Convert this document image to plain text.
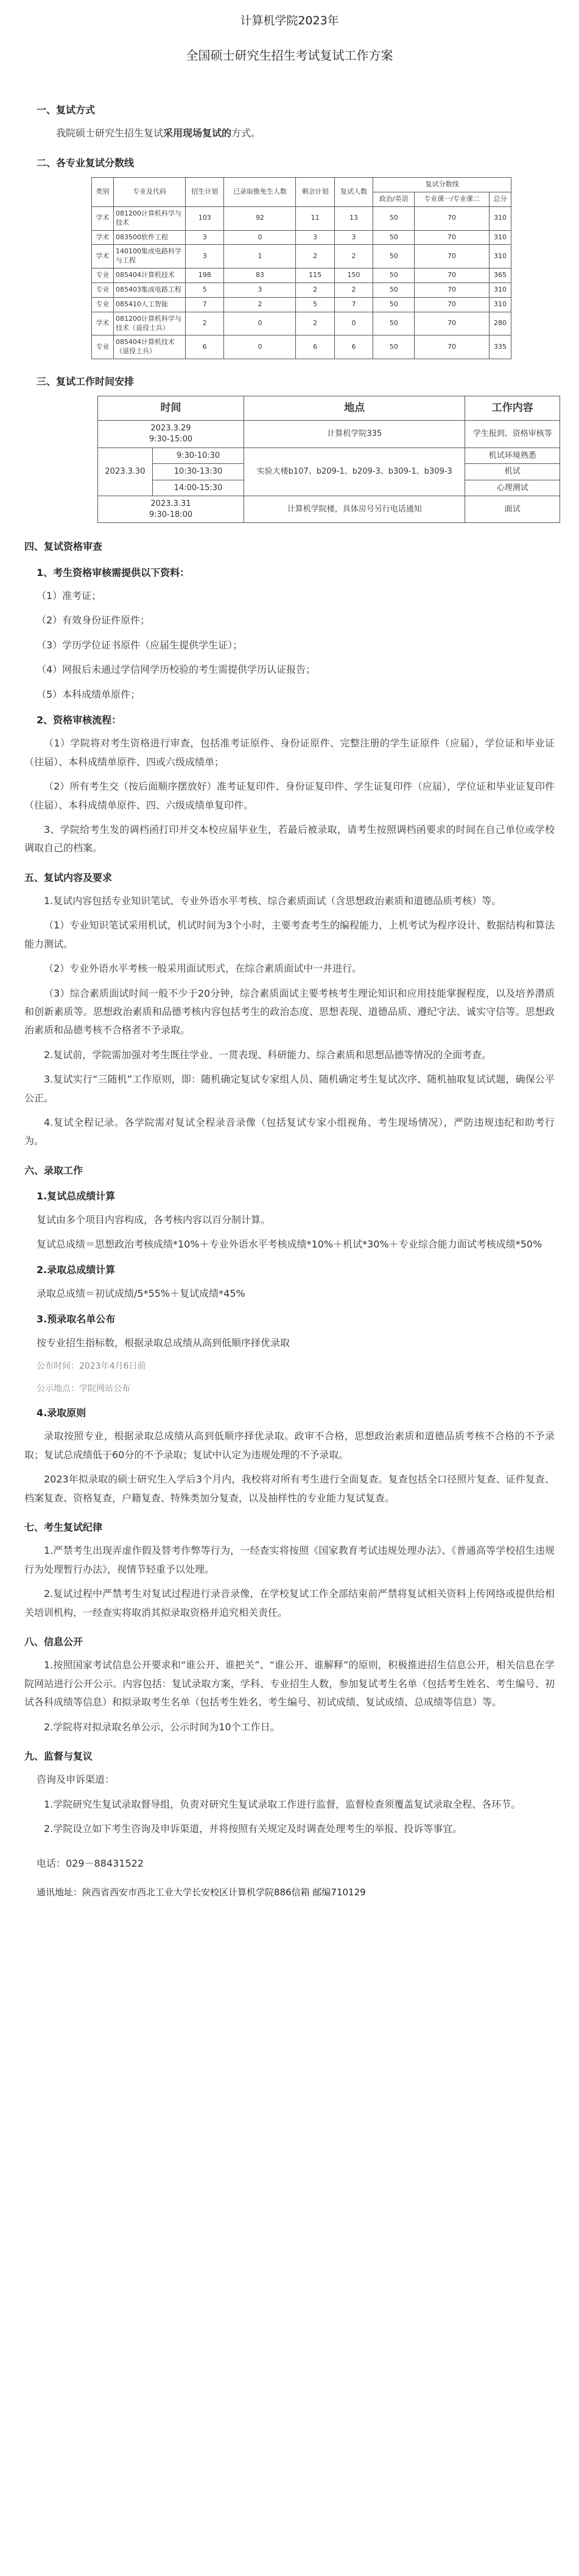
计算机学院2023年
全国硕士研究生招生考试复试工作方案
一、复试方式

我院硕士研究生招生复试采用现场复试的方式。

二、各专业复试分数线
类别	专业及代码	招生计划	已录取推免生人数	剩余计划	复试人数	复试分数线		
						政治/英语	专业课一/专业课二	总分
学术	081200计算机科学与技术	103	92	11	13	50	70	310
学术	083500软件工程	3	0	3	3	50	70	310
学术	140100集成电路科学与工程	3	1	2	2	50	70	310
专业	085404计算机技术	198	83	115	150	50	70	365
专业	085403集成电路工程	5	3	2	2	50	70	310
专业	085410人工智能	7	2	5	7	50	70	310
学术	081200计算机科学与技术（退役士兵）	2	0	2	0	50	70	280
专业	085404计算机技术（退役士兵）	6	0	6	6	50	70	335
三、复试工作时间安排
时间		地点	工作内容
2023.3.29
9:30-15:00		计算机学院335	学生报到、资格审核等
2023.3.30	9:30-10:30	实验大楼b107、b209-1、b209-3、b309-1、b309-3	机试环境熟悉
	10:30-13:30		机试
	14:00-15:30		心理测试
2023.3.31
9:30-18:00		计算机学院楼，具体房号另行电话通知	面试
四、复试资格审查
1、考生资格审核需提供以下资料：

（1）准考证；

（2）有效身份证件原件；

（3）学历学位证书原件（应届生提供学生证）；

（4）网报后未通过学信网学历校验的考生需提供学历认证报告；

（5）本科成绩单原件；

2、资格审核流程：

（1）学院将对考生资格进行审查，包括准考证原件、身份证原件、完整注册的学生证原件（应届），学位证和毕业证（往届）、本科成绩单原件、四或六级成绩单；

（2）所有考生交（按后面顺序摆放好）准考证复印件、身份证复印件、学生证复印件（应届），学位证和毕业证复印件（往届）、本科成绩单原件、四、六级成绩单复印件。

3、学院给考生发的调档函打印并交本校应届毕业生，若最后被录取，请考生按照调档函要求的时间在自己单位或学校调取自己的档案。

五、复试内容及要求

1.复试内容包括专业知识笔试、专业外语水平考核、综合素质面试（含思想政治素质和道德品质考核）等。

（1）专业知识笔试采用机试，机试时间为3个小时，主要考查考生的编程能力，上机考试为程序设计、数据结构和算法能力测试。

（2）专业外语水平考核一般采用面试形式，在综合素质面试中一并进行。

（3）综合素质面试时间一般不少于20分钟，综合素质面试主要考核考生理论知识和应用技能掌握程度，以及培养潜质和创新素质等。思想政治素质和品德考核内容包括考生的政治态度、思想表现、道德品质、遵纪守法、诚实守信等。思想政治素质和品德考核不合格者不予录取。

2.复试前，学院需加强对考生既往学业、一贯表现、科研能力、综合素质和思想品德等情况的全面考查。

3.复试实行“三随机”工作原则，即：随机确定复试专家组人员、随机确定考生复试次序、随机抽取复试试题，确保公平公正。

4.复试全程记录。各学院需对复试全程录音录像（包括复试专家小组视角、考生现场情况），严防违规违纪和助考行为。

六、录取工作
1.复试总成绩计算

复试由多个项目内容构成，各考核内容以百分制计算。

复试总成绩＝思想政治考核成绩*10%＋专业外语水平考核成绩*10%＋机试*30%＋专业综合能力面试考核成绩*50%

2.录取总成绩计算

录取总成绩＝初试成绩/5*55%＋复试成绩*45%

3.预录取名单公布

按专业招生指标数，根据录取总成绩从高到低顺序择优录取

公布时间：2023年4月6日前

公示地点：学院网站公布

4.录取原则

录取按照专业，根据录取总成绩从高到低顺序择优录取。政审不合格，思想政治素质和道德品质考核不合格的不予录取；复试总成绩低于60分的不予录取；复试中认定为违规处理的不予录取。

2023年拟录取的硕士研究生入学后3个月内，我校将对所有考生进行全面复查。复查包括全口径照片复查、证件复查、档案复查、资格复查，户籍复查、特殊类加分复查，以及抽样性的专业能力复试复查。

七、考生复试纪律

1.严禁考生出现弄虚作假及替考作弊等行为，一经查实将按照《国家教育考试违规处理办法》、《普通高等学校招生违规行为处理暂行办法》，视情节轻重予以处理。

2.复试过程中严禁考生对复试过程进行录音录像，在学校复试工作全部结束前严禁将复试相关资料上传网络或提供给相关培训机构，一经查实将取消其拟录取资格并追究相关责任。

八、信息公开

1.按照国家考试信息公开要求和“谁公开、谁把关”、“谁公开、谁解释”的原则，积极推进招生信息公开，相关信息在学院网站进行公开公示。内容包括：复试录取方案，学科、专业招生人数，参加复试考生名单（包括考生姓名、考生编号、初试各科成绩等信息）和拟录取考生名单（包括考生姓名、考生编号、初试成绩、复试成绩、总成绩等信息）等。

2.学院将对拟录取名单公示，公示时间为10个工作日。

九、监督与复议

咨询及申诉渠道：

1.学院研究生复试录取督导组，负责对研究生复试录取工作进行监督，监督检查须覆盖复试录取全程、各环节。

2.学院设立如下考生咨询及申诉渠道，并将按照有关规定及时调查处理考生的举报、投诉等事宜。

电话：029－88431522

通讯地址：陕西省西安市西北工业大学长安校区计算机学院886信箱 邮编710129
